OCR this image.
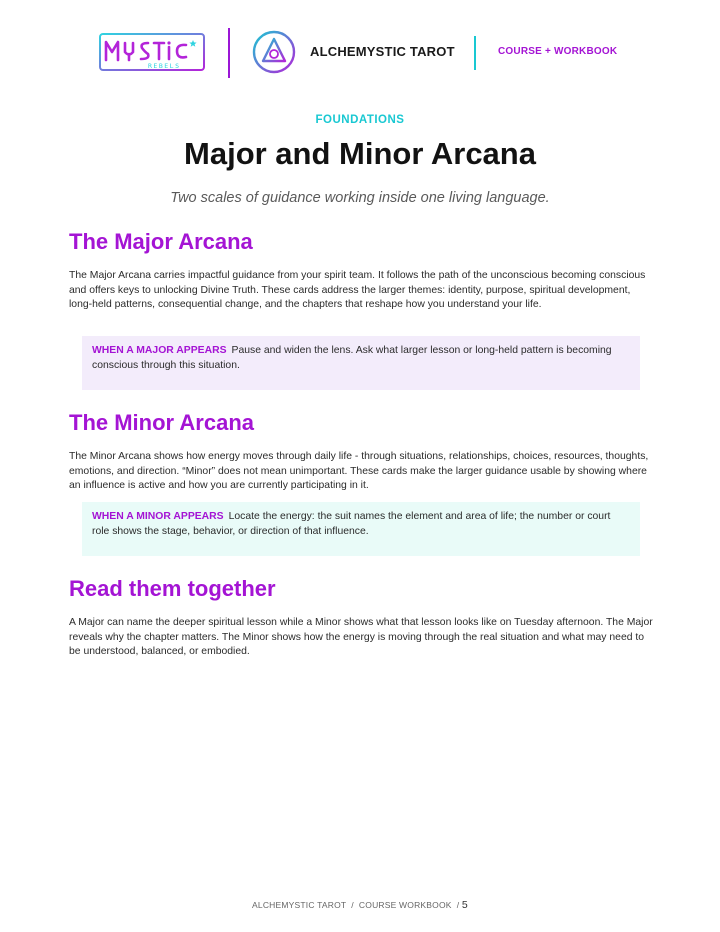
REBELS
ALCHEMYSTIC TAROT	COURSE + WORKBOOK
FOUNDATIONS
Major and Minor Arcana
Two scales of guidance working inside one living language.
The Major Arcana

The Major Arcana carries impactful guidance from your spirit team. It follows the path of the unconscious becoming conscious and offers keys to unlocking Divine Truth. These cards address the larger themes: identity, purpose, spiritual development, long-held patterns, consequential change, and the chapters that reshape how you understand your life.

WHEN A MAJOR APPEARS Pause and widen the lens. Ask what larger lesson or long-held pattern is becoming conscious through this situation.
The Minor Arcana

The Minor Arcana shows how energy moves through daily life - through situations, relationships, choices, resources, thoughts, emotions, and direction. “Minor” does not mean unimportant. These cards make the larger guidance usable by showing where an influence is active and how you are currently participating in it.

WHEN A MINOR APPEARS Locate the energy: the suit names the element and area of life; the number or court role shows the stage, behavior, or direction of that influence.
Read them together

A Major can name the deeper spiritual lesson while a Minor shows what that lesson looks like on Tuesday afternoon. The Major reveals why the chapter matters. The Minor shows how the energy is moving through the real situation and what may need to be understood, balanced, or embodied.

ALCHEMYSTIC TAROT  /  COURSE WORKBOOK  / 5
